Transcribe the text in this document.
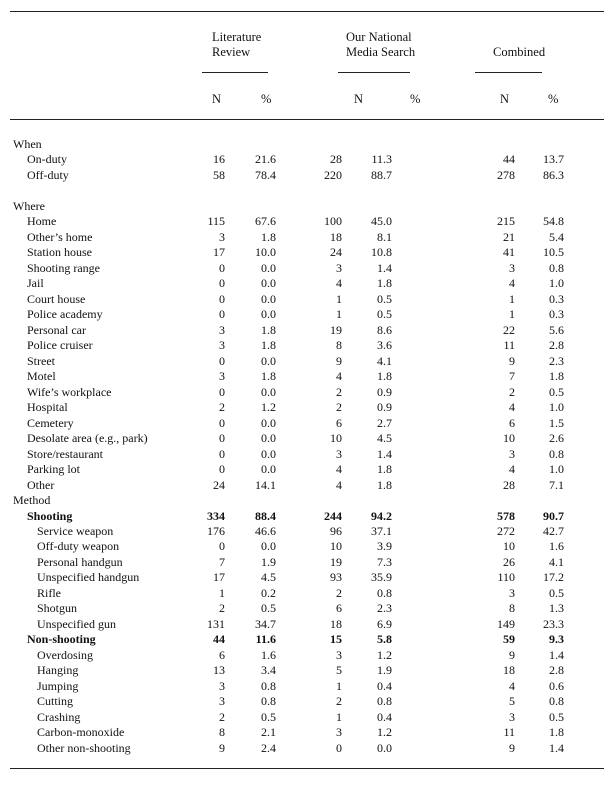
Literature
Review
Our National
Media Search	Combined
N	%	N	%	N	%
When
On-duty	16	21.6	28 11.3	44 13.7
Off-duty	58	78.4	220 88.7	278 86.3
Where
Home	115	67.6	100 45.0	215 54.8
Other’s home	3	1.8	18	8.1	21	5.4
Station house	17	10.0	24 10.8	41 10.5
Shooting range	0	0.0	3	1.4	3	0.8
Jail	0	0.0	4	1.8	4	1.0
Court house	0	0.0	1	0.5	1	0.3
Police academy	0	0.0	1	0.5	1	0.3
Personal car	3	1.8	19	8.6	22	5.6
Police cruiser	3	1.8	8	3.6	11	2.8
Street	0	0.0	9	4.1	9	2.3
Motel	3	1.8	4	1.8	7	1.8
Wife’s workplace	0	0.0	2	0.9	2	0.5
Hospital	2	1.2	2	0.9	4	1.0
Cemetery	0	0.0	6	2.7	6	1.5
Desolate area (e.g., park)	0	0.0	10	4.5	10	2.6
Store/restaurant	0	0.0	3	1.4	3	0.8
Parking lot	0	0.0	4	1.8	4	1.0
Other	24	14.1	4	1.8	28	7.1
Method
Shooting	334	88.4	244 94.2	578 90.7
Service weapon	176	46.6	96 37.1	272 42.7
Off-duty weapon	0	0.0	10	3.9	10	1.6
Personal handgun	7	1.9	19	7.3	26	4.1
Unspecified handgun	17	4.5	93 35.9	110 17.2
Rifle	1	0.2	2	0.8	3	0.5
Shotgun	2	0.5	6	2.3	8	1.3
Unspecified gun	131	34.7	18	6.9	149 23.3
Non-shooting	44	11.6	15	5.8	59	9.3
Overdosing	6	1.6	3	1.2	9	1.4
Hanging	13	3.4	5	1.9	18	2.8
Jumping	3	0.8	1	0.4	4	0.6
Cutting	3	0.8	2	0.8	5	0.8
Crashing	2	0.5	1	0.4	3	0.5
Carbon-monoxide	8	2.1	3	1.2	11	1.8
Other non-shooting	9	2.4	0	0.0	9	1.4
